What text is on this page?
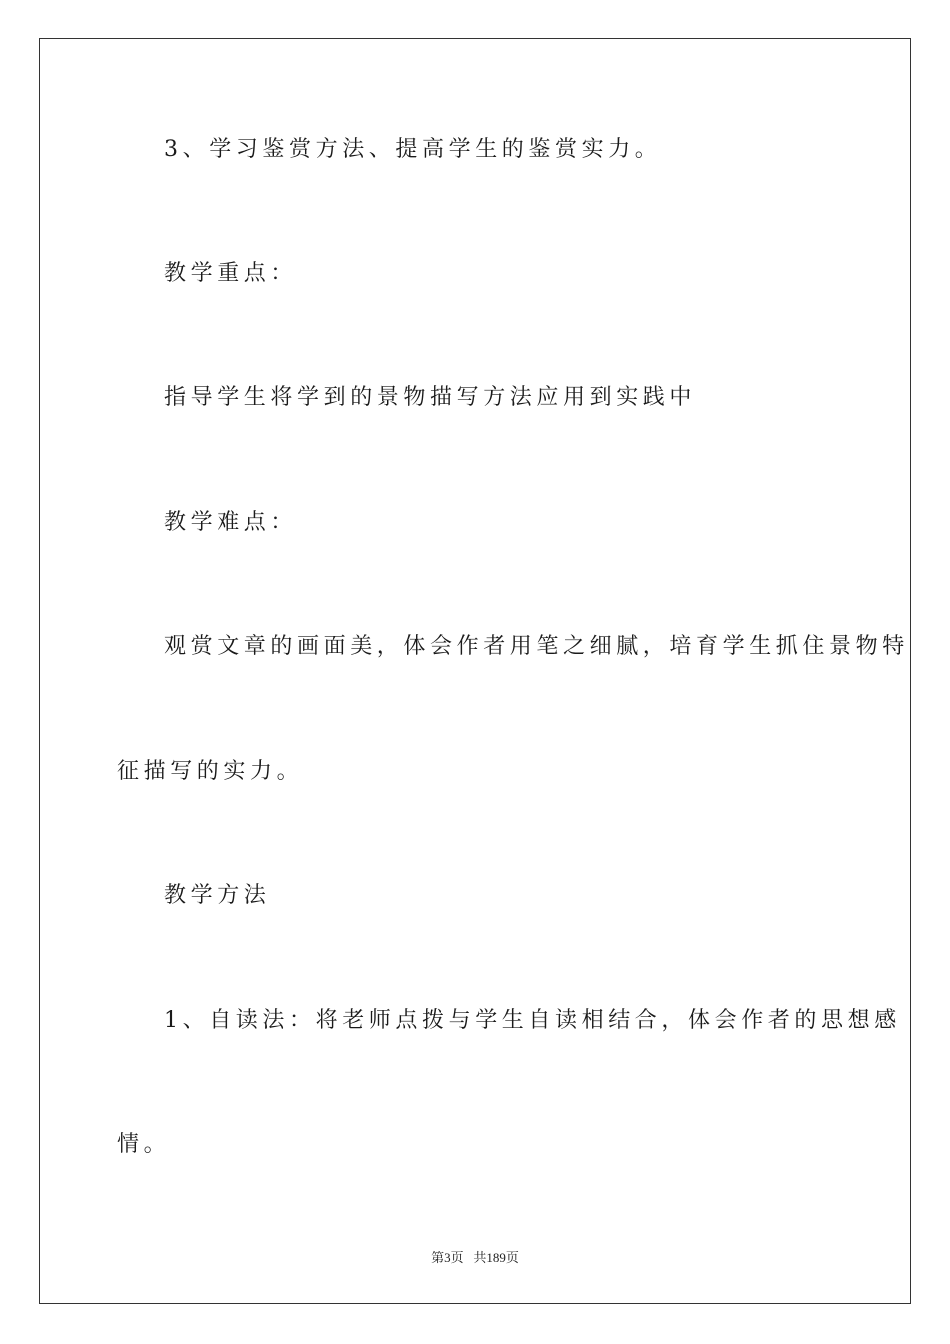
3、学习鉴赏方法、提高学生的鉴赏实力。
教学重点：
指导学生将学到的景物描写方法应用到实践中
教学难点：
观赏文章的画面美，体会作者用笔之细腻，培育学生抓住景物特
征描写的实力。
教学方法
1、自读法：将老师点拨与学生自读相结合，体会作者的思想感
情。
第3页   共189页
